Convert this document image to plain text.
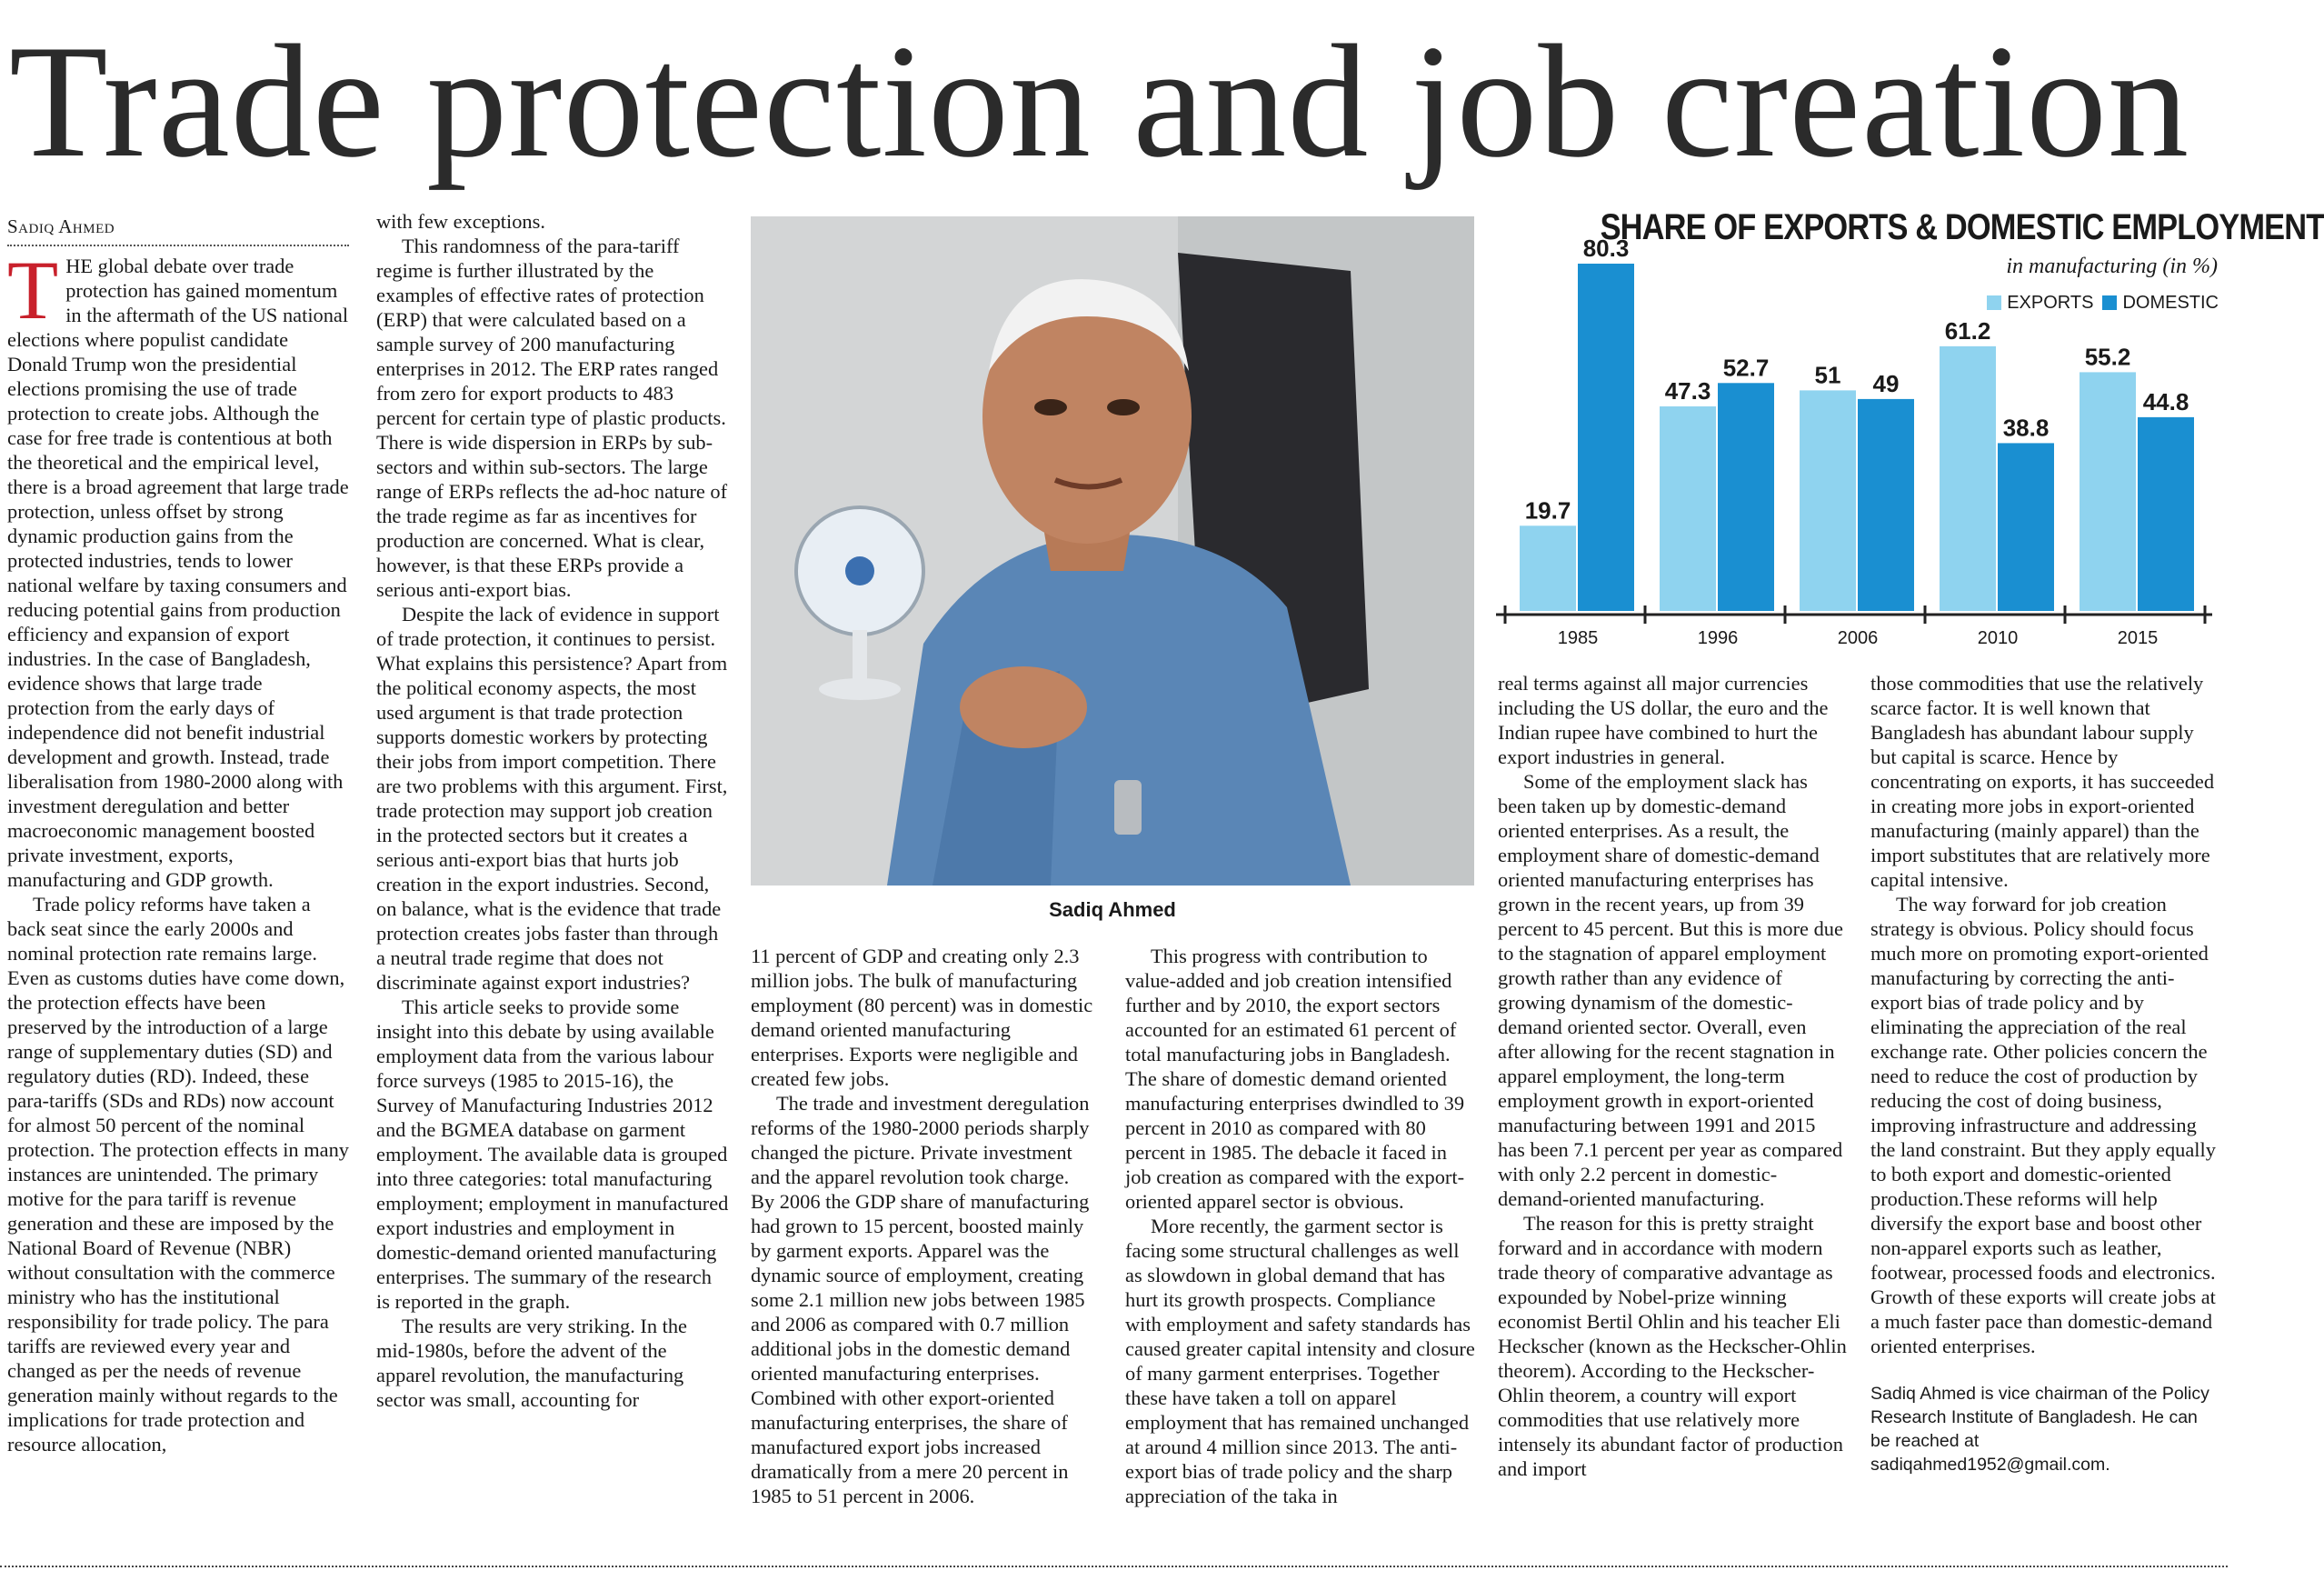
Trade protection and job creation
Sadiq Ahmed

THE global debate over trade protection has gained momentum in the aftermath of the US national elections where populist candidate Donald Trump won the presidential elections promising the use of trade protection to create jobs. Although the case for free trade is contentious at both the theoretical and the empirical level, there is a broad agreement that large trade protection, unless offset by strong dynamic production gains from the protected industries, tends to lower national welfare by taxing consumers and reducing potential gains from production efficiency and expansion of export industries. In the case of Bangladesh, evidence shows that large trade protection from the early days of independence did not benefit industrial development and growth. Instead, trade liberalisation from 1980-2000 along with investment deregulation and better macroeconomic management boosted private investment, exports, manufacturing and GDP growth.

Trade policy reforms have taken a back seat since the early 2000s and nominal protection rate remains large. Even as customs duties have come down, the protection effects have been preserved by the introduction of a large range of supplementary duties (SD) and regulatory duties (RD). Indeed, these para-tariffs (SDs and RDs) now account for almost 50 percent of the nominal protection. The protection effects in many instances are unintended. The primary motive for the para tariff is revenue generation and these are imposed by the National Board of Revenue (NBR) without consultation with the commerce ministry who has the institutional responsibility for trade policy. The para tariffs are reviewed every year and changed as per the needs of revenue generation mainly without regards to the implications for trade protection and resource allocation,

with few exceptions.

This randomness of the para-tariff regime is further illustrated by the examples of effective rates of protection (ERP) that were calculated based on a sample survey of 200 manufacturing enterprises in 2012. The ERP rates ranged from zero for export products to 483 percent for certain type of plastic products. There is wide dispersion in ERPs by sub-sectors and within sub-sectors. The large range of ERPs reflects the ad-hoc nature of the trade regime as far as incentives for production are concerned. What is clear, however, is that these ERPs provide a serious anti-export bias.

Despite the lack of evidence in support of trade protection, it continues to persist. What explains this persistence? Apart from the political economy aspects, the most used argument is that trade protection supports domestic workers by protecting their jobs from import competition. There are two problems with this argument. First, trade protection may support job creation in the protected sectors but it creates a serious anti-export bias that hurts job creation in the export industries. Second, on balance, what is the evidence that trade protection creates jobs faster than through a neutral trade regime that does not discriminate against export industries?

This article seeks to provide some insight into this debate by using available employment data from the various labour force surveys (1985 to 2015-16), the Survey of Manufacturing Industries 2012 and the BGMEA database on garment employment. The available data is grouped into three categories: total manufacturing employment; employment in manufactured export industries and employment in domestic-demand oriented manufacturing enterprises. The summary of the research is reported in the graph.

The results are very striking. In the mid-1980s, before the advent of the apparel revolution, the manufacturing sector was small, accounting for

Sadiq Ahmed
SHARE OF EXPORTS & DOMESTIC EMPLOYMENT
in manufacturing (in %)
EXPORTS	DOMESTIC
19.7
80.3
1985
47.3
52.7
1996
51 49
2006
61.2
38.8
2010
55.2
44.8
2015

11 percent of GDP and creating only 2.3 million jobs. The bulk of manufacturing employment (80 percent) was in domestic demand oriented manufacturing enterprises. Exports were negligible and created few jobs.

The trade and investment deregulation reforms of the 1980-2000 periods sharply changed the picture. Private investment and the apparel revolution took charge. By 2006 the GDP share of manufacturing had grown to 15 percent, boosted mainly by garment exports. Apparel was the dynamic source of employment, creating some 2.1 million new jobs between 1985 and 2006 as compared with 0.7 million additional jobs in the domestic demand oriented manufacturing enterprises. Combined with other export-oriented manufacturing enterprises, the share of manufactured export jobs increased dramatically from a mere 20 percent in 1985 to 51 percent in 2006.

This progress with contribution to value-added and job creation intensified further and by 2010, the export sectors accounted for an estimated 61 percent of total manufacturing jobs in Bangladesh. The share of domestic demand oriented manufacturing enterprises dwindled to 39 percent in 2010 as compared with 80 percent in 1985. The debacle it faced in job creation as compared with the export-oriented apparel sector is obvious.

More recently, the garment sector is facing some structural challenges as well as slowdown in global demand that has hurt its growth prospects. Compliance with employment and safety standards has caused greater capital intensity and closure of many garment enterprises. Together these have taken a toll on apparel employment that has remained unchanged at around 4 million since 2013. The anti-export bias of trade policy and the sharp appreciation of the taka in

real terms against all major currencies including the US dollar, the euro and the Indian rupee have combined to hurt the export industries in general.

Some of the employment slack has been taken up by domestic-demand oriented enterprises. As a result, the employment share of domestic-demand oriented manufacturing enterprises has grown in the recent years, up from 39 percent to 45 percent. But this is more due to the stagnation of apparel employment growth rather than any evidence of growing dynamism of the domestic-demand oriented sector. Overall, even after allowing for the recent stagnation in apparel employment, the long-term employment growth in export-oriented manufacturing between 1991 and 2015 has been 7.1 percent per year as compared with only 2.2 percent in domestic-demand-oriented manufacturing.

The reason for this is pretty straight forward and in accordance with modern trade theory of comparative advantage as expounded by Nobel-prize winning economist Bertil Ohlin and his teacher Eli Heckscher (known as the Heckscher-Ohlin theorem). According to the Heckscher-Ohlin theorem, a country will export commodities that use relatively more intensely its abundant factor of production and import

those commodities that use the relatively scarce factor. It is well known that Bangladesh has abundant labour supply but capital is scarce. Hence by concentrating on exports, it has succeeded in creating more jobs in export-oriented manufacturing (mainly apparel) than the import substitutes that are relatively more capital intensive.

The way forward for job creation strategy is obvious. Policy should focus much more on promoting export-oriented manufacturing by correcting the anti-export bias of trade policy and by eliminating the appreciation of the real exchange rate. Other policies concern the need to reduce the cost of production by reducing the cost of doing business, improving infrastructure and addressing the land constraint. But they apply equally to both export and domestic-oriented production.These reforms will help diversify the export base and boost other non-apparel exports such as leather, footwear, processed foods and electronics. Growth of these exports will create jobs at a much faster pace than domestic-demand oriented enterprises.

Sadiq Ahmed is vice chairman of the Policy Research Institute of Bangladesh. He can be reached at sadiqahmed1952@gmail.com.
